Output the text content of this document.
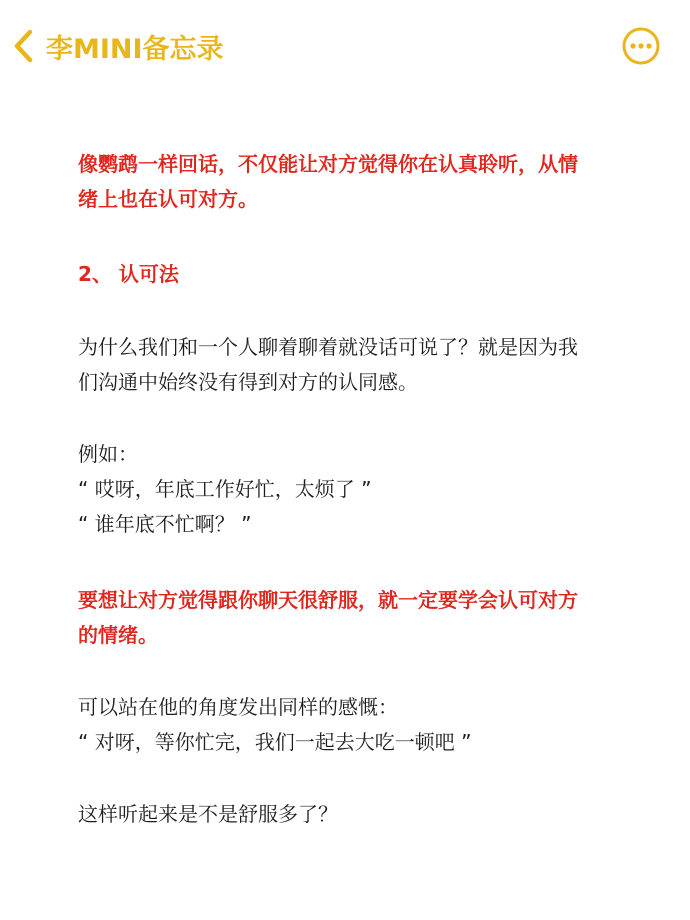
李MINI备忘录
像鹦鹉一样回话，不仅能让对方觉得你在认真聆听，从情
绪上也在认可对方。
2、 认可法
为什么我们和一个人聊着聊着就没话可说了？就是因为我
们沟通中始终没有得到对方的认同感。
例如：
“ 哎呀，年底工作好忙，太烦了 ”
“ 谁年底不忙啊？ ”
要想让对方觉得跟你聊天很舒服，就一定要学会认可对方
的情绪。
可以站在他的角度发出同样的感慨：
“ 对呀，等你忙完，我们一起去大吃一顿吧 ”
这样听起来是不是舒服多了？
